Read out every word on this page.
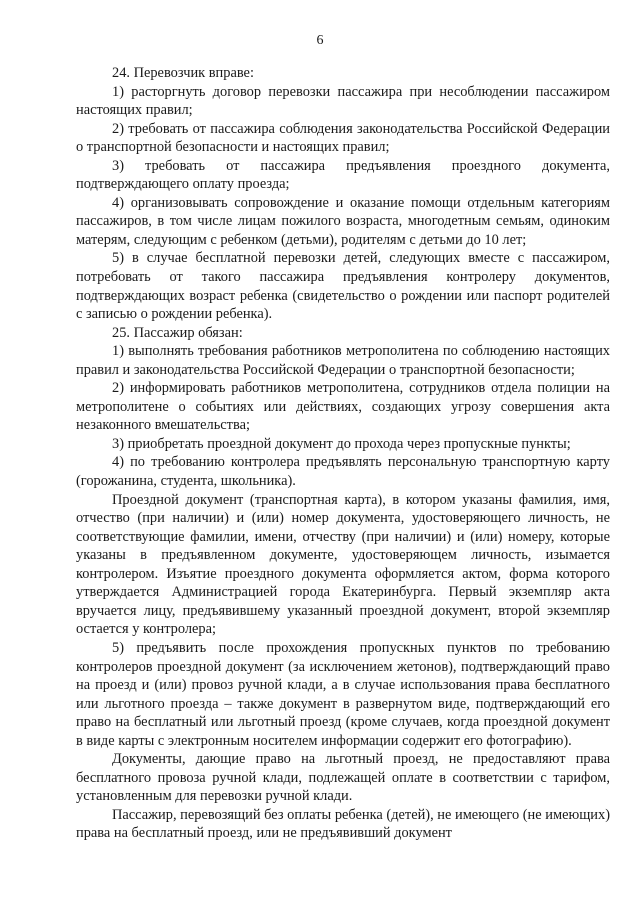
6

24. Перевозчик вправе:

1) расторгнуть договор перевозки пассажира при несоблюдении пассажиром настоящих правил;

2) требовать от пассажира соблюдения законодательства Российской Федерации о транспортной безопасности и настоящих правил;

3) требовать от пассажира предъявления проездного документа, подтверждающего оплату проезда;

4) организовывать сопровождение и оказание помощи отдельным категориям пассажиров, в том числе лицам пожилого возраста, многодетным семьям, одиноким матерям, следующим с ребенком (детьми), родителям с детьми до 10 лет;

5) в случае бесплатной перевозки детей, следующих вместе с пассажиром, потребовать от такого пассажира предъявления контролеру документов, подтверждающих возраст ребенка (свидетельство о рождении или паспорт родителей с записью о рождении ребенка).

25. Пассажир обязан:

1) выполнять требования работников метрополитена по соблюдению настоящих правил и законодательства Российской Федерации о транспортной безопасности;

2) информировать работников метрополитена, сотрудников отдела полиции на метрополитене о событиях или действиях, создающих угрозу совершения акта незаконного вмешательства;

3) приобретать проездной документ до прохода через пропускные пункты;

4) по требованию контролера предъявлять персональную транспортную карту (горожанина, студента, школьника).

Проездной документ (транспортная карта), в котором указаны фамилия, имя, отчество (при наличии) и (или) номер документа, удостоверяющего личность, не соответствующие фамилии, имени, отчеству (при наличии) и (или) номеру, которые указаны в предъявленном документе, удостоверяющем личность, изымается контролером. Изъятие проездного документа оформляется актом, форма которого утверждается Администрацией города Екатеринбурга. Первый экземпляр акта вручается лицу, предъявившему указанный проездной документ, второй экземпляр остается у контролера;

5) предъявить после прохождения пропускных пунктов по требованию контролеров проездной документ (за исключением жетонов), подтверждающий право на проезд и (или) провоз ручной клади, а в случае использования права бесплатного или льготного проезда – также документ в развернутом виде, подтверждающий его право на бесплатный или льготный проезд (кроме случаев, когда проездной документ в виде карты с электронным носителем информации содержит его фотографию).

Документы, дающие право на льготный проезд, не предоставляют права бесплатного провоза ручной клади, подлежащей оплате в соответствии с тарифом, установленным для перевозки ручной клади.

Пассажир, перевозящий без оплаты ребенка (детей), не имеющего (не имеющих) права на бесплатный проезд, или не предъявивший документ
